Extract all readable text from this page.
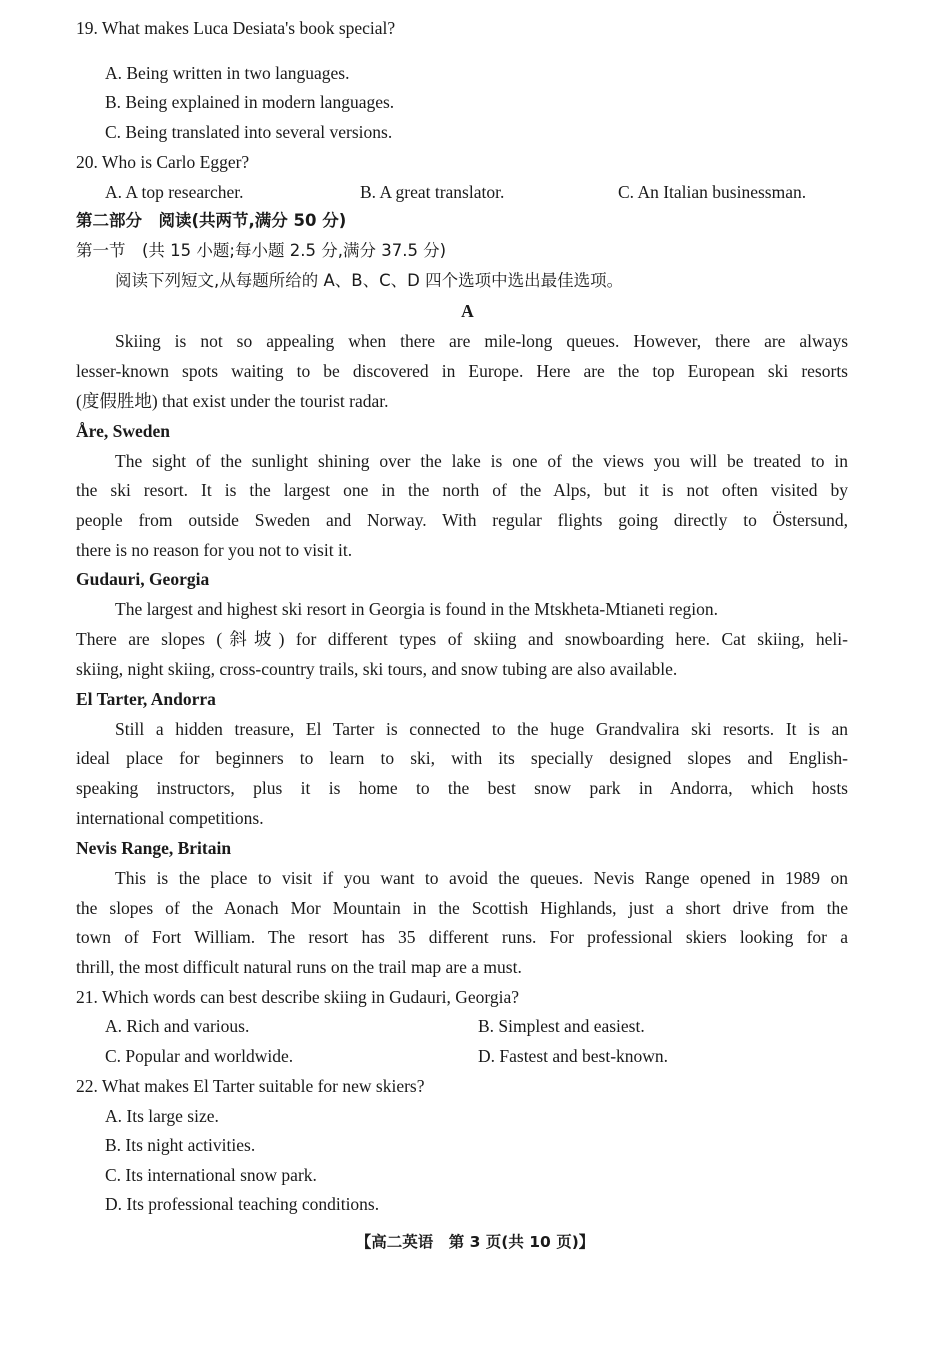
19. What makes Luca Desiata's book special?
A. Being written in two languages.
B. Being explained in modern languages.
C. Being translated into several versions.
20. Who is Carlo Egger?
A. A top researcher.	B. A great translator.	C. An Italian businessman.
第二部分　阅读(共两节,满分 50 分)
第一节　(共 15 小题;每小题 2.5 分,满分 37.5 分)
阅读下列短文,从每题所给的 A、B、C、D 四个选项中选出最佳选项。
A
Skiing is not so appealing when there are mile-long queues. However, there are always
lesser-known spots waiting to be discovered in Europe. Here are the top European ski resorts
(度假胜地) that exist under the tourist radar.
Åre, Sweden
The sight of the sunlight shining over the lake is one of the views you will be treated to in
the ski resort. It is the largest one in the north of the Alps, but it is not often visited by
people from outside Sweden and Norway. With regular flights going directly to Östersund,
there is no reason for you not to visit it.
Gudauri, Georgia
The largest and highest ski resort in Georgia is found in the Mtskheta-Mtianeti region.
There are slopes (斜坡) for different types of skiing and snowboarding here. Cat skiing, heli-
skiing, night skiing, cross-country trails, ski tours, and snow tubing are also available.
El Tarter, Andorra
Still a hidden treasure, El Tarter is connected to the huge Grandvalira ski resorts. It is an
ideal place for beginners to learn to ski, with its specially designed slopes and English-
speaking instructors, plus it is home to the best snow park in Andorra, which hosts
international competitions.
Nevis Range, Britain
This is the place to visit if you want to avoid the queues. Nevis Range opened in 1989 on
the slopes of the Aonach Mor Mountain in the Scottish Highlands, just a short drive from the
town of Fort William. The resort has 35 different runs. For professional skiers looking for a
thrill, the most difficult natural runs on the trail map are a must.
21. Which words can best describe skiing in Gudauri, Georgia?
A. Rich and various.	B. Simplest and easiest.
C. Popular and worldwide.	D. Fastest and best-known.
22. What makes El Tarter suitable for new skiers?
A. Its large size.
B. Its night activities.
C. Its international snow park.
D. Its professional teaching conditions.
【高二英语　第 3 页(共 10 页)】
